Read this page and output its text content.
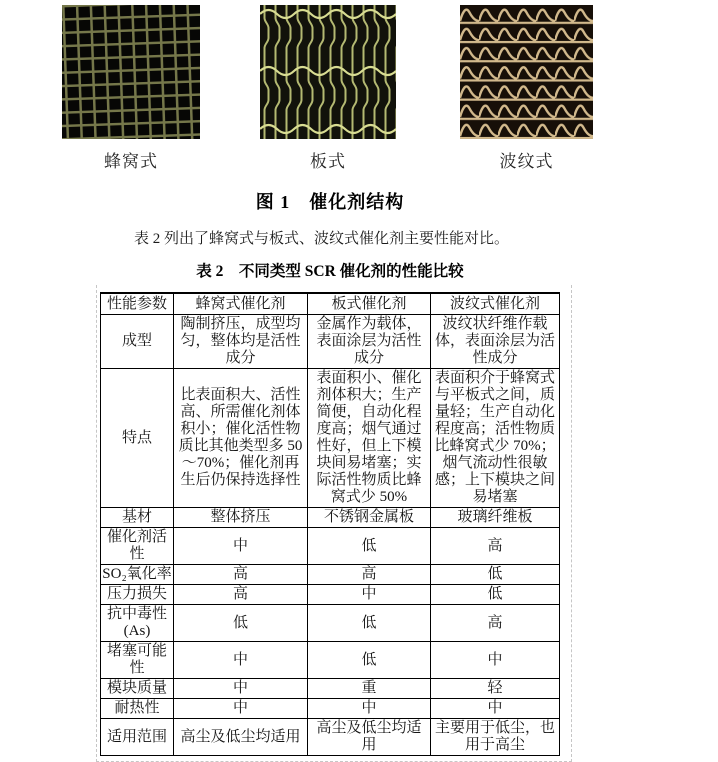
蜂窝式	板式	波纹式
图 1　催化剂结构

表 2 列出了蜂窝式与板式、波纹式催化剂主要性能对比。

表 2　不同类型 SCR 催化剂的性能比较
性能参数	蜂窝式催化剂	板式催化剂	波纹式催化剂
成型	陶制挤压，成型均匀，整体均是活性成分	金属作为载体，表面涂层为活性成分	波纹状纤维作载体，表面涂层为活性成分
特点	比表面积大、活性高、所需催化剂体积小；催化活性物质比其他类型多 50～70%；催化剂再生后仍保持选择性	表面积小、催化剂体积大；生产简便，自动化程度高；烟气通过性好，但上下模块间易堵塞；实际活性物质比蜂窝式少 50%	表面积介于蜂窝式与平板式之间，质量轻；生产自动化程度高；活性物质比蜂窝式少 70%；烟气流动性很敏感；上下模块之间易堵塞
基材	整体挤压	不锈钢金属板	玻璃纤维板
催化剂活性	中	低	高
SO₂氧化率	高	高	低
压力损失	高	中	低
抗中毒性(As)	低	低	高
堵塞可能性	中	低	中
模块质量	中	重	轻
耐热性	中	中	中
适用范围	高尘及低尘均适用	高尘及低尘均适用	主要用于低尘，也用于高尘
